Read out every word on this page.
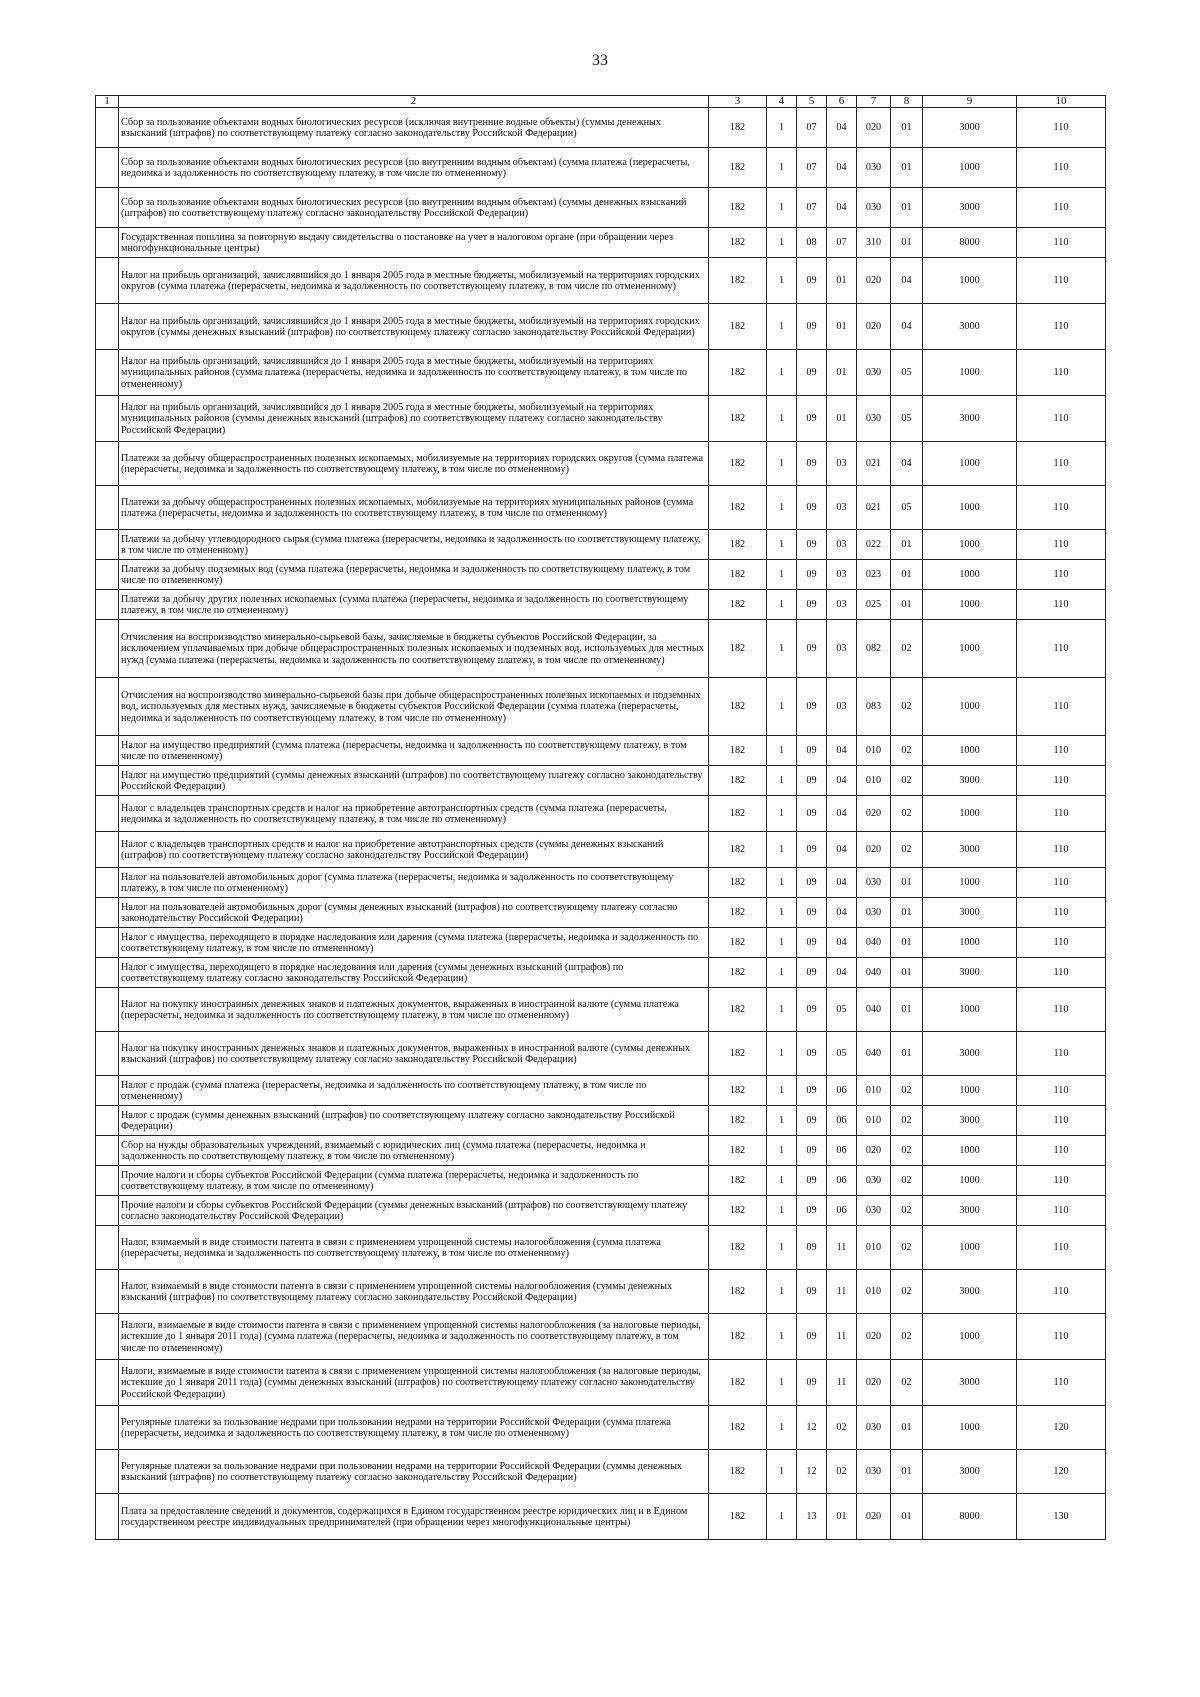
33
1	2	3	4	5	6	7	8	9	10
	Сбор за пользование объектами водных биологических ресурсов (исключая внутренние водные объекты) (суммы денежных взысканий (штрафов) по соответствующему платежу согласно законодательству Российской Федерации)	182	1	07	04	020	01	3000	110
	Сбор за пользование объектами водных биологических ресурсов (по внутренним водным объектам) (сумма платежа (перерасчеты, недоимка и задолженность по соответствующему платежу, в том числе по отмененному)	182	1	07	04	030	01	1000	110
	Сбор за пользование объектами водных биологических ресурсов (по внутренним водным объектам) (суммы денежных взысканий (штрафов) по соответствующему платежу согласно законодательству Российской Федерации)	182	1	07	04	030	01	3000	110
	Государственная пошлина за повторную выдачу свидетельства о постановке на учет в налоговом органе (при обращении через многофункциональные центры)	182	1	08	07	310	01	8000	110
	Налог на прибыль организаций, зачислявшийся до 1 января 2005 года в местные бюджеты, мобилизуемый на территориях городских округов (сумма платежа (перерасчеты, недоимка и задолженность по соответствующему платежу, в том числе по отмененному)	182	1	09	01	020	04	1000	110
	Налог на прибыль организаций, зачислявшийся до 1 января 2005 года в местные бюджеты, мобилизуемый на территориях городских округов (суммы денежных взысканий (штрафов) по соответствующему платежу согласно законодательству Российской Федерации)	182	1	09	01	020	04	3000	110
	Налог на прибыль организаций, зачислявшийся до 1 января 2005 года в местные бюджеты, мобилизуемый на территориях муниципальных районов (сумма платежа (перерасчеты, недоимка и задолженность по соответствующему платежу, в том числе по отмененному)	182	1	09	01	030	05	1000	110
	Налог на прибыль организаций, зачислявшийся до 1 января 2005 года в местные бюджеты, мобилизуемый на территориях муниципальных районов (суммы денежных взысканий (штрафов) по соответствующему платежу согласно законодательству Российской Федерации)	182	1	09	01	030	05	3000	110
	Платежи за добычу общераспространенных полезных ископаемых, мобилизуемые на территориях городских округов (сумма платежа (перерасчеты, недоимка и задолженность по соответствующему платежу, в том числе по отмененному)	182	1	09	03	021	04	1000	110
	Платежи за добычу общераспространенных полезных ископаемых, мобилизуемые на территориях муниципальных районов (сумма платежа (перерасчеты, недоимка и задолженность по соответствующему платежу, в том числе по отмененному)	182	1	09	03	021	05	1000	110
	Платежи за добычу углеводородного сырья (сумма платежа (перерасчеты, недоимка и задолженность по соответствующему платежу, в том числе по отмененному)	182	1	09	03	022	01	1000	110
	Платежи за добычу подземных вод (сумма платежа (перерасчеты, недоимка и задолженность по соответствующему платежу, в том числе по отмененному)	182	1	09	03	023	01	1000	110
	Платежи за добычу других полезных ископаемых (сумма платежа (перерасчеты, недоимка и задолженность по соответствующему платежу, в том числе по отмененному)	182	1	09	03	025	01	1000	110
	Отчисления на воспроизводство минерально-сырьевой базы, зачисляемые в бюджеты субъектов Российской Федерации, за исключением уплачиваемых при добыче общераспространенных полезных ископаемых и подземных вод, используемых для местных нужд (сумма платежа (перерасчеты, недоимка и задолженность по соответствующему платежу, в том числе по отмененному)	182	1	09	03	082	02	1000	110
	Отчисления на воспроизводство минерально-сырьевой базы при добыче общераспространенных полезных ископаемых и подземных вод, используемых для местных нужд, зачисляемые в бюджеты субъектов Российской Федерации (сумма платежа (перерасчеты, недоимка и задолженность по соответствующему платежу, в том числе по отмененному)	182	1	09	03	083	02	1000	110
	Налог на имущество предприятий (сумма платежа (перерасчеты, недоимка и задолженность по соответствующему платежу, в том числе по отмененному)	182	1	09	04	010	02	1000	110
	Налог на имущество предприятий (суммы денежных взысканий (штрафов) по соответствующему платежу согласно законодательству Российской Федерации)	182	1	09	04	010	02	3000	110
	Налог с владельцев транспортных средств и налог на приобретение автотранспортных средств (сумма платежа (перерасчеты, недоимка и задолженность по соответствующему платежу, в том числе по отмененному)	182	1	09	04	020	02	1000	110
	Налог с владельцев транспортных средств и налог на приобретение автотранспортных средств (суммы денежных взысканий (штрафов) по соответствующему платежу согласно законодательству Российской Федерации)	182	1	09	04	020	02	3000	110
	Налог на пользователей автомобильных дорог (сумма платежа (перерасчеты, недоимка и задолженность по соответствующему платежу, в том числе по отмененному)	182	1	09	04	030	01	1000	110
	Налог на пользователей автомобильных дорог (суммы денежных взысканий (штрафов) по соответствующему платежу согласно законодательству Российской Федерации)	182	1	09	04	030	01	3000	110
	Налог с имущества, переходящего в порядке наследования или дарения (сумма платежа (перерасчеты, недоимка и задолженность по соответствующему платежу, в том числе по отмененному)	182	1	09	04	040	01	1000	110
	Налог с имущества, переходящего в порядке наследования или дарения (суммы денежных взысканий (штрафов) по соответствующему платежу согласно законодательству Российской Федерации)	182	1	09	04	040	01	3000	110
	Налог на покупку иностранных денежных знаков и платежных документов, выраженных в иностранной валюте (сумма платежа (перерасчеты, недоимка и задолженность по соответствующему платежу, в том числе по отмененному)	182	1	09	05	040	01	1000	110
	Налог на покупку иностранных денежных знаков и платежных документов, выраженных в иностранной валюте (суммы денежных взысканий (штрафов) по соответствующему платежу согласно законодательству Российской Федерации)	182	1	09	05	040	01	3000	110
	Налог с продаж (сумма платежа (перерасчеты, недоимка и задолженность по соответствующему платежу, в том числе по отмененному)	182	1	09	06	010	02	1000	110
	Налог с продаж (суммы денежных взысканий (штрафов) по соответствующему платежу согласно законодательству Российской Федерации)	182	1	09	06	010	02	3000	110
	Сбор на нужды образовательных учреждений, взимаемый с юридических лиц (сумма платежа (перерасчеты, недоимка и задолженность по соответствующему платежу, в том числе по отмененному)	182	1	09	06	020	02	1000	110
	Прочие налоги и сборы субъектов Российской Федерации (сумма платежа (перерасчеты, недоимка и задолженность по соответствующему платежу, в том числе по отмененному)	182	1	09	06	030	02	1000	110
	Прочие налоги и сборы субъектов Российской Федерации (суммы денежных взысканий (штрафов) по соответствующему платежу согласно законодательству Российской Федерации)	182	1	09	06	030	02	3000	110
	Налог, взимаемый в виде стоимости патента в связи с применением упрощенной системы налогообложения (сумма платежа (перерасчеты, недоимка и задолженность по соответствующему платежу, в том числе по отмененному)	182	1	09	11	010	02	1000	110
	Налог, взимаемый в виде стоимости патента в связи с применением упрощенной системы налогообложения (суммы денежных взысканий (штрафов) по соответствующему платежу согласно законодательству Российской Федерации)	182	1	09	11	010	02	3000	110
	Налоги, взимаемые в виде стоимости патента в связи с применением упрощенной системы налогообложения (за налоговые периоды, истекшие до 1 января 2011 года) (сумма платежа (перерасчеты, недоимка и задолженность по соответствующему платежу, в том числе по отмененному)	182	1	09	11	020	02	1000	110
	Налоги, взимаемые в виде стоимости патента в связи с применением упрощенной системы налогообложения (за налоговые периоды, истекшие до 1 января 2011 года) (суммы денежных взысканий (штрафов) по соответствующему платежу согласно законодательству Российской Федерации)	182	1	09	11	020	02	3000	110
	Регулярные платежи за пользование недрами при пользовании недрами на территории Российской Федерации (сумма платежа (перерасчеты, недоимка и задолженность по соответствующему платежу, в том числе по отмененному)	182	1	12	02	030	01	1000	120
	Регулярные платежи за пользование недрами при пользовании недрами на территории Российской Федерации (суммы денежных взысканий (штрафов) по соответствующему платежу согласно законодательству Российской Федерации)	182	1	12	02	030	01	3000	120
	Плата за предоставление сведений и документов, содержащихся в Едином государственном реестре юридических лиц и в Едином государственном реестре индивидуальных предпринимателей (при обращении через многофункциональные центры)	182	1	13	01	020	01	8000	130
